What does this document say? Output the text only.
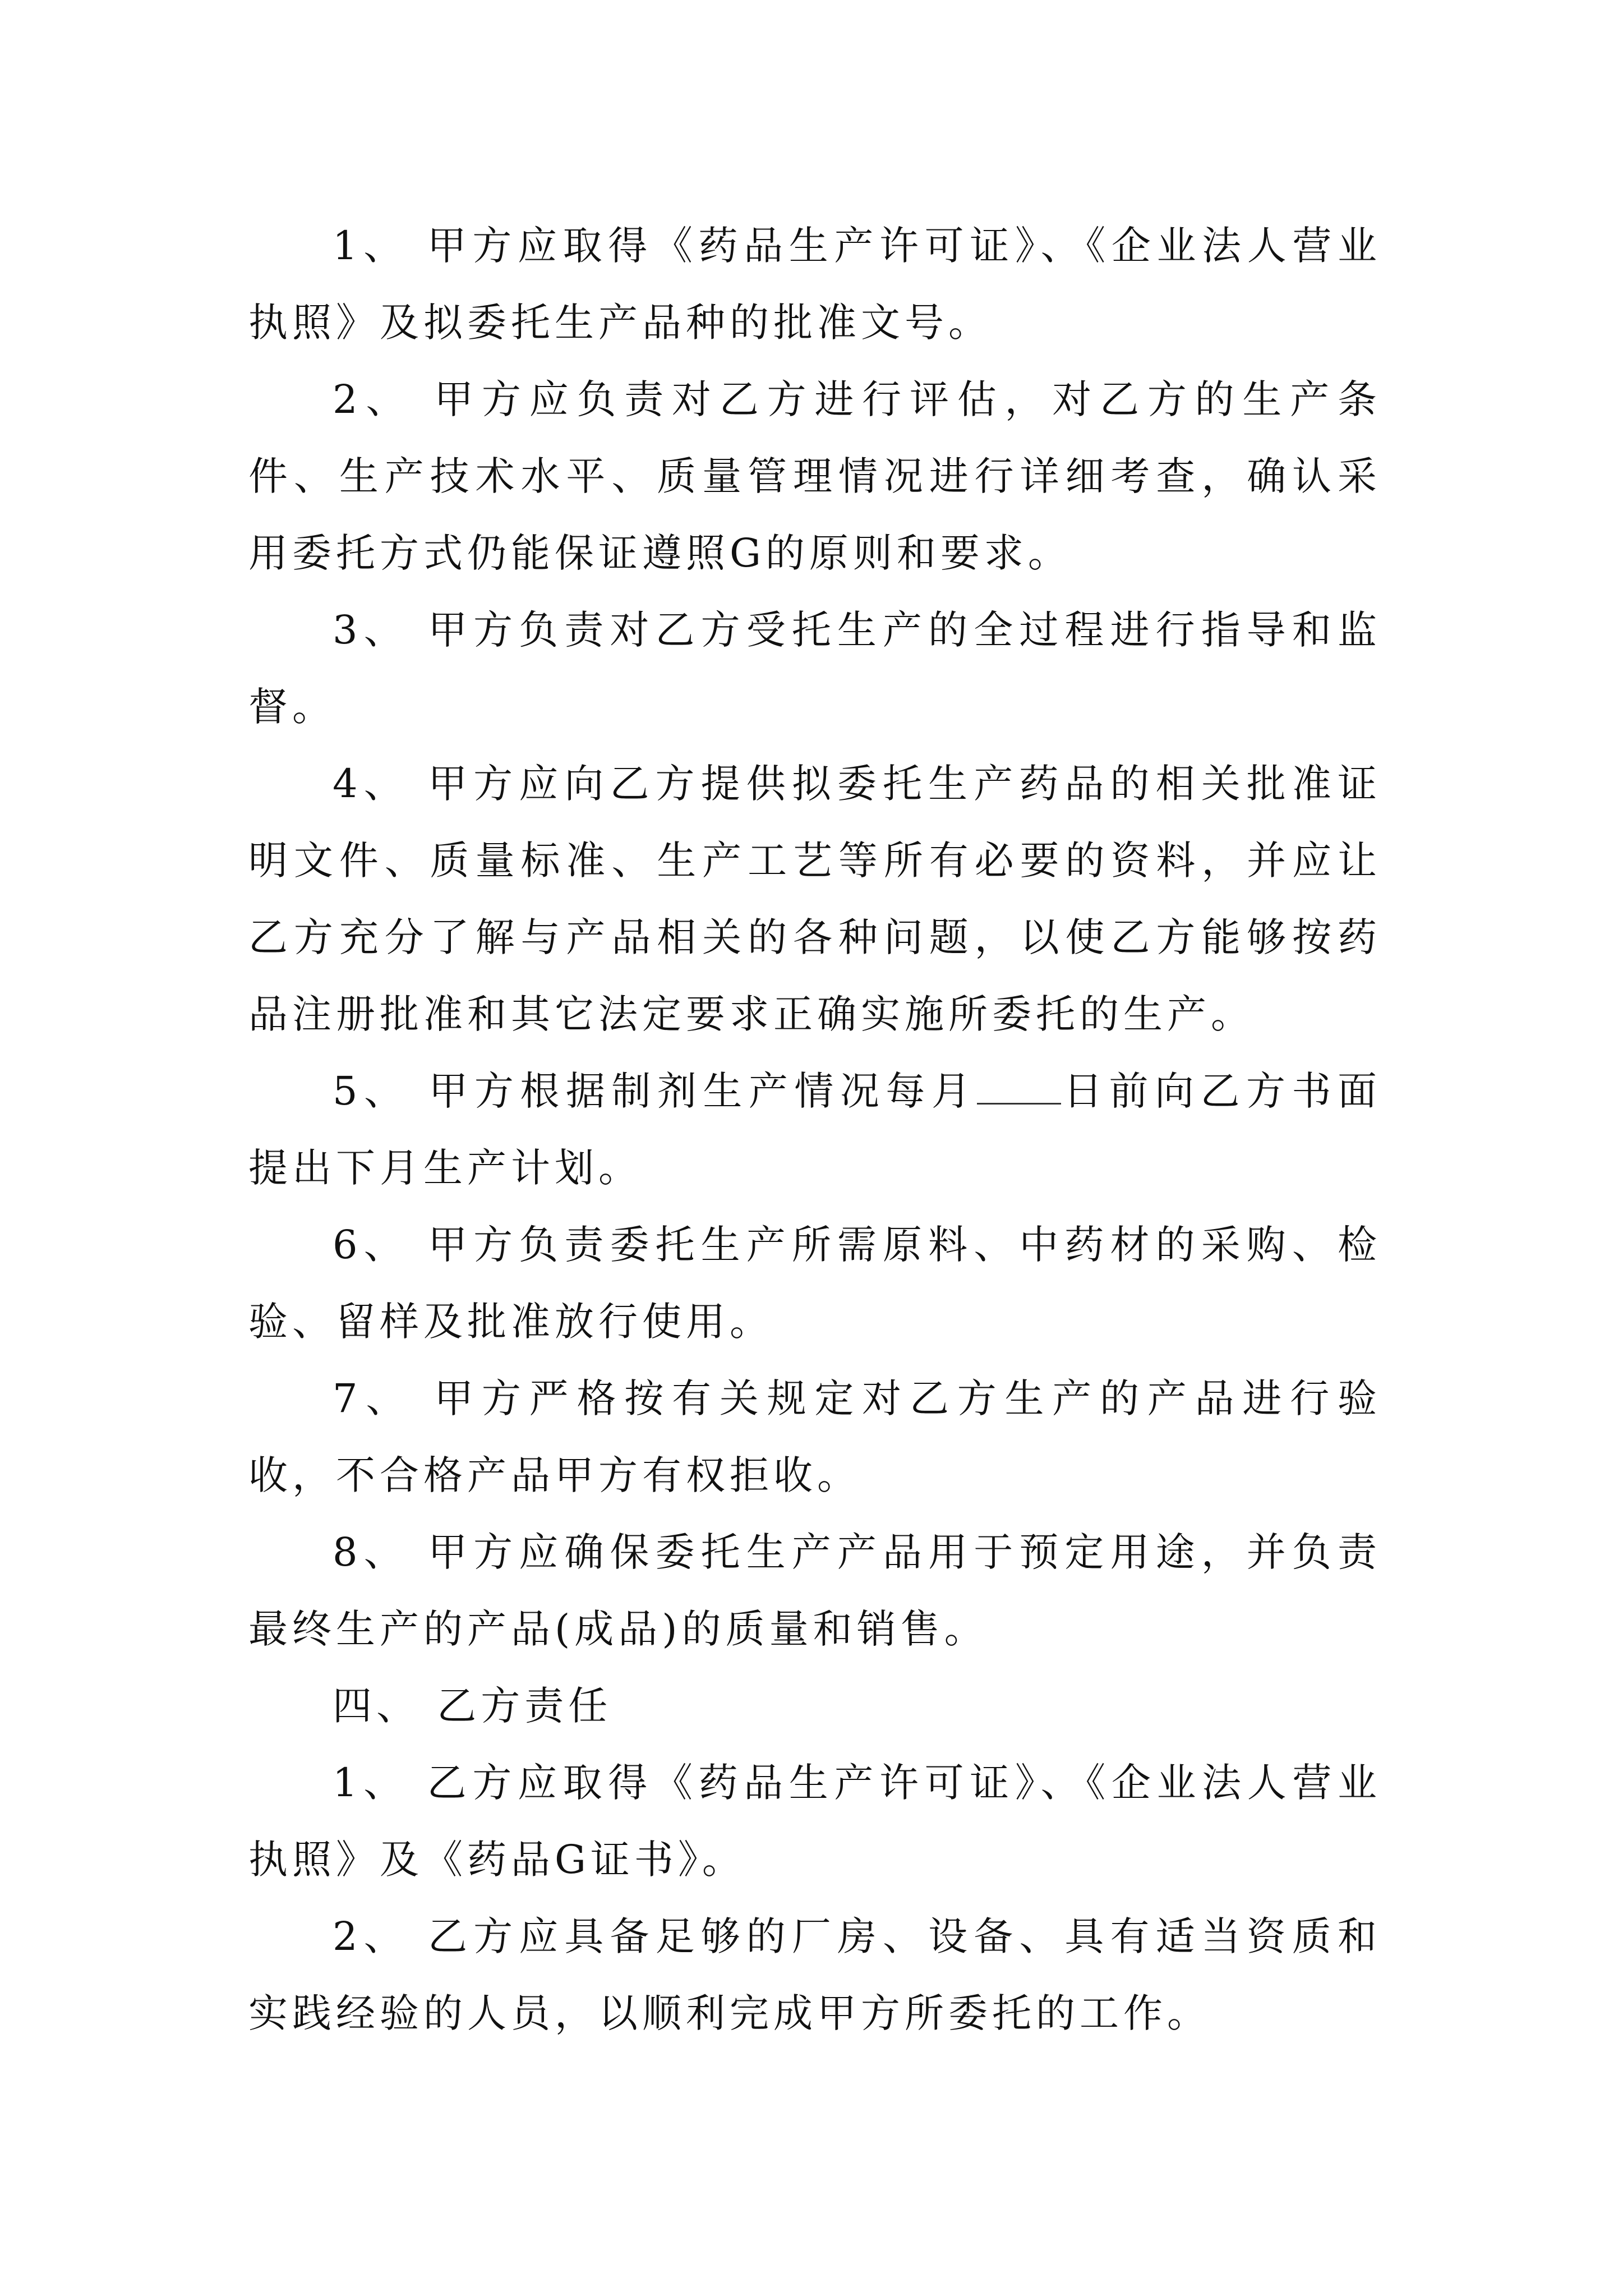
1、 甲方应取得《药品生产许可证》、《企业法人营业执照》及拟委托生产品种的批准文号。

2、 甲方应负责对乙方进行评估，对乙方的生产条件、生产技术水平、质量管理情况进行详细考查，确认采用委托方式仍能保证遵照G的原则和要求。

3、 甲方负责对乙方受托生产的全过程进行指导和监督。

4、 甲方应向乙方提供拟委托生产药品的相关批准证明文件、质量标准、生产工艺等所有必要的资料，并应让乙方充分了解与产品相关的各种问题，以使乙方能够按药品注册批准和其它法定要求正确实施所委托的生产。

5、 甲方根据制剂生产情况每月 日前向乙方书面提出下月生产计划。

6、 甲方负责委托生产所需原料、中药材的采购、检验、留样及批准放行使用。

7、 甲方严格按有关规定对乙方生产的产品进行验收，不合格产品甲方有权拒收。

8、 甲方应确保委托生产产品用于预定用途，并负责最终生产的产品(成品)的质量和销售。

四、 乙方责任

1、 乙方应取得《药品生产许可证》、《企业法人营业执照》及《药品G证书》。

2、 乙方应具备足够的厂房、设备、具有适当资质和实践经验的人员，以顺利完成甲方所委托的工作。
